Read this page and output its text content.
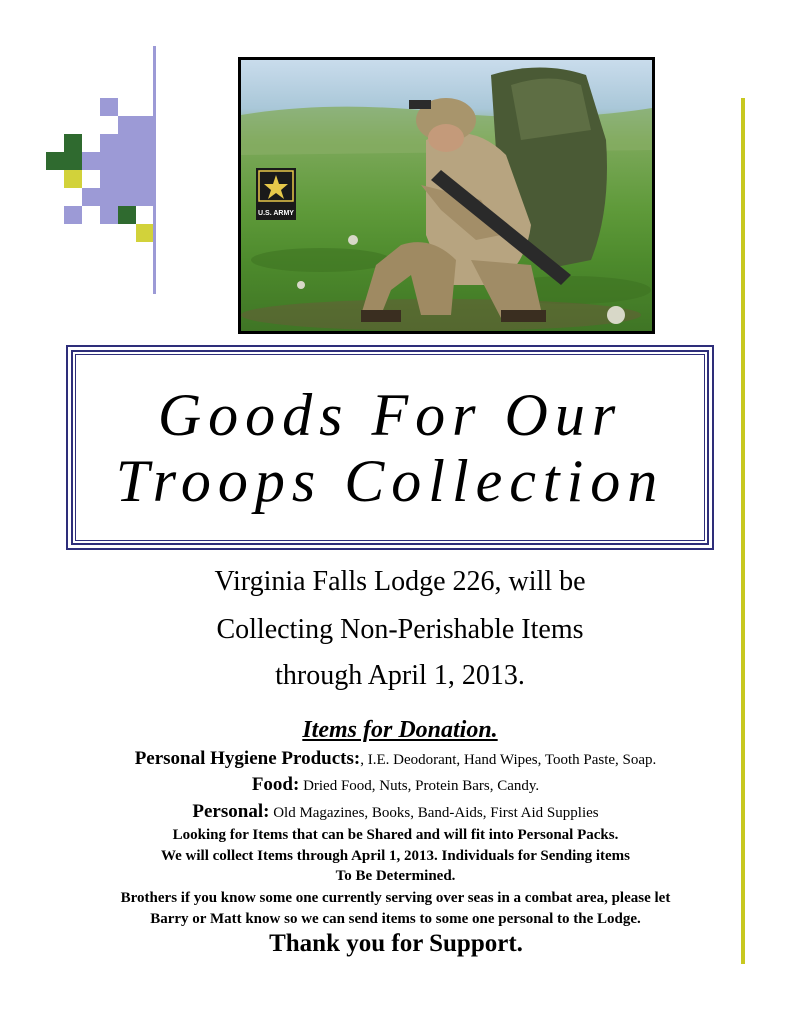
U.S. ARMY
Goods For Our
Troops Collection
Virginia Falls Lodge 226, will be
Collecting Non-Perishable Items
through April 1, 2013.
Items for Donation.
Personal Hygiene Products:, I.E. Deodorant, Hand Wipes, Tooth Paste, Soap.
Food: Dried Food, Nuts, Protein Bars, Candy.
Personal: Old Magazines, Books, Band-Aids, First Aid Supplies
Looking for Items that can be Shared and will fit into Personal Packs.
We will collect Items through April 1, 2013. Individuals for Sending items
To Be Determined.
Brothers if you know some one currently serving over seas in a combat area, please let
Barry or Matt know so we can send items to some one personal to the Lodge.
Thank you for Support.
